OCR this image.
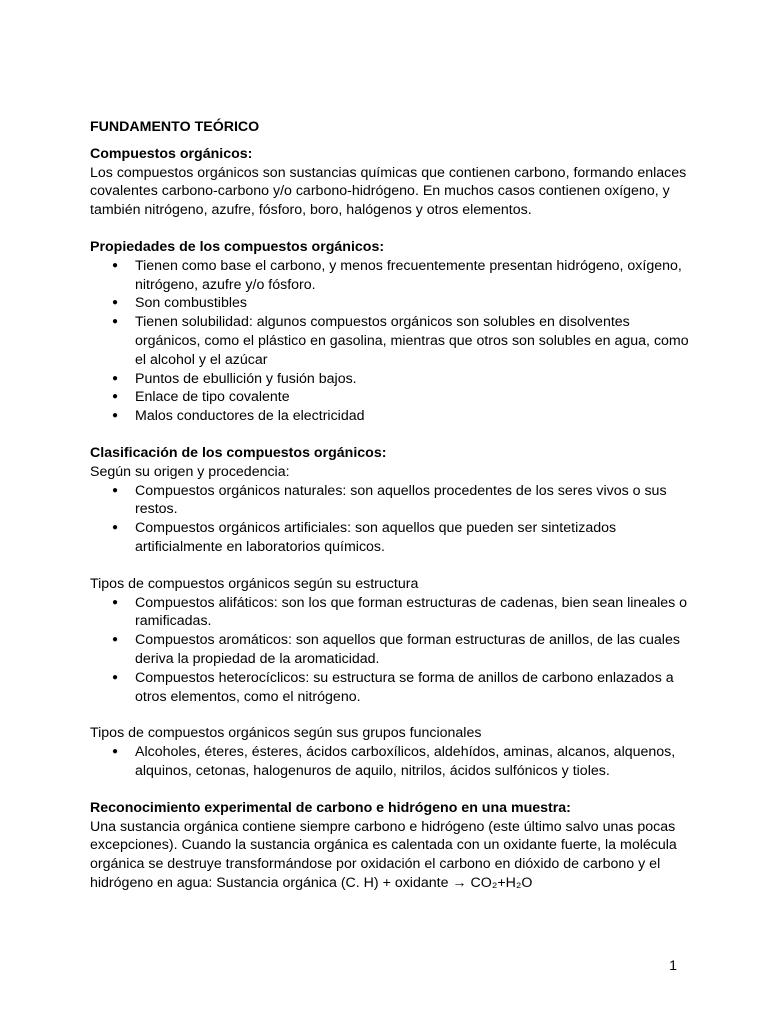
FUNDAMENTO TEÓRICO

Compuestos orgánicos:

Los compuestos orgánicos son sustancias químicas que contienen carbono, formando enlaces covalentes carbono-carbono y/o carbono-hidrógeno. En muchos casos contienen oxígeno, y también nitrógeno, azufre, fósforo, boro, halógenos y otros elementos.

Propiedades de los compuestos orgánicos:

● Tienen como base el carbono, y menos frecuentemente presentan hidrógeno, oxígeno, nitrógeno, azufre y/o fósforo.
● Son combustibles
● Tienen solubilidad: algunos compuestos orgánicos son solubles en disolventes orgánicos, como el plástico en gasolina, mientras que otros son solubles en agua, como el alcohol y el azúcar
● Puntos de ebullición y fusión bajos.
● Enlace de tipo covalente
● Malos conductores de la electricidad

Clasificación de los compuestos orgánicos:

Según su origen y procedencia:

● Compuestos orgánicos naturales: son aquellos procedentes de los seres vivos o sus restos.
● Compuestos orgánicos artificiales: son aquellos que pueden ser sintetizados artificialmente en laboratorios químicos.

Tipos de compuestos orgánicos según su estructura

● Compuestos alifáticos: son los que forman estructuras de cadenas, bien sean lineales o ramificadas.
● Compuestos aromáticos: son aquellos que forman estructuras de anillos, de las cuales deriva la propiedad de la aromaticidad.
● Compuestos heterocíclicos: su estructura se forma de anillos de carbono enlazados a otros elementos, como el nitrógeno.

Tipos de compuestos orgánicos según sus grupos funcionales

● Alcoholes, éteres, ésteres, ácidos carboxílicos, aldehídos, aminas, alcanos, alquenos, alquinos, cetonas, halogenuros de aquilo, nitrilos, ácidos sulfónicos y tioles.

Reconocimiento experimental de carbono e hidrógeno en una muestra:

Una sustancia orgánica contiene siempre carbono e hidrógeno (este último salvo unas pocas excepciones). Cuando la sustancia orgánica es calentada con un oxidante fuerte, la molécula orgánica se destruye transformándose por oxidación el carbono en dióxido de carbono y el hidrógeno en agua: Sustancia orgánica (C. H) + oxidante → CO₂+H₂O

1
